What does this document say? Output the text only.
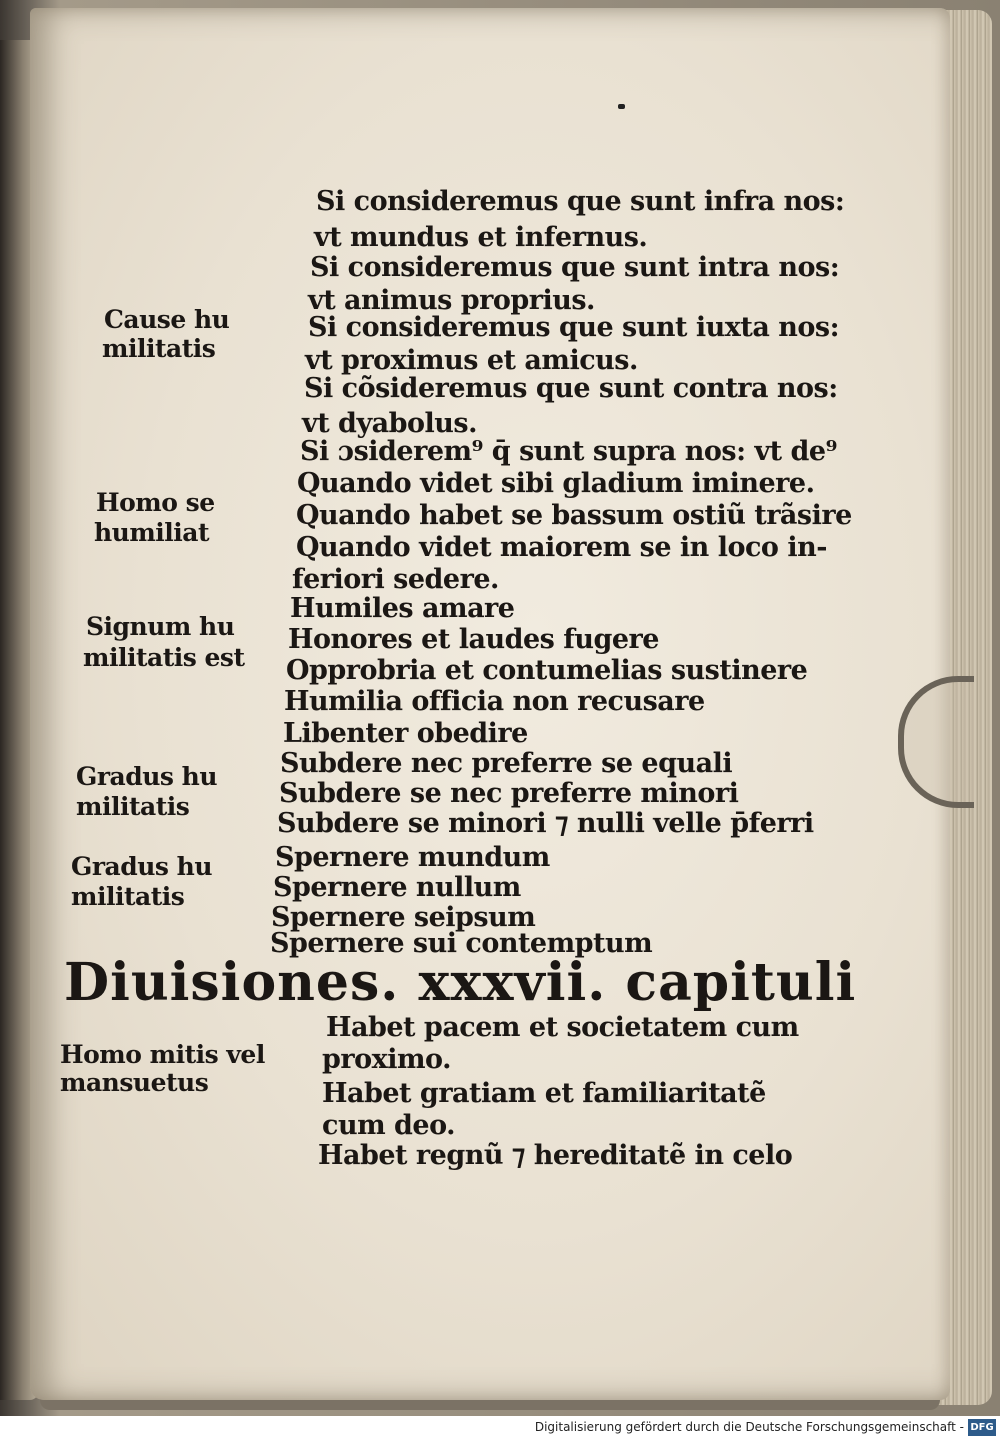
Si consideremus que sunt infra nos:
vt mundus et infernus.
Si consideremus que sunt intra nos:
vt animus proprius.
Si consideremus que sunt iuxta nos:
vt proximus et amicus.
Si cõsideremus que sunt contra nos:
vt dyabolus.
Si ɔsiderem⁹ q̄ sunt supra nos: vt de⁹
Quando videt sibi gladium iminere.
Quando habet se bassum ostiũ trãsire
Quando videt maiorem se in loco in-
feriori sedere.
Humiles amare
Honores et laudes fugere
Opprobria et contumelias sustinere
Humilia officia non recusare
Libenter obedire
Subdere nec preferre se equali
Subdere se nec preferre minori
Subdere se minori ⁊ nulli velle p̄ferri
Spernere mundum
Spernere nullum
Spernere seipsum
Spernere sui contemptum
Cause hu
militatis
Homo se
humiliat
Signum hu
militatis est
Gradus hu
militatis
Gradus hu
militatis
Diuisiones. xxxvii. capituli
Homo mitis vel
mansuetus
Habet pacem et societatem cum
proximo.
Habet gratiam et familiaritatẽ
cum deo.
Habet regnũ ⁊ hereditatẽ in celo
Digitalisierung gefördert durch die Deutsche Forschungsgemeinschaft - DFG
